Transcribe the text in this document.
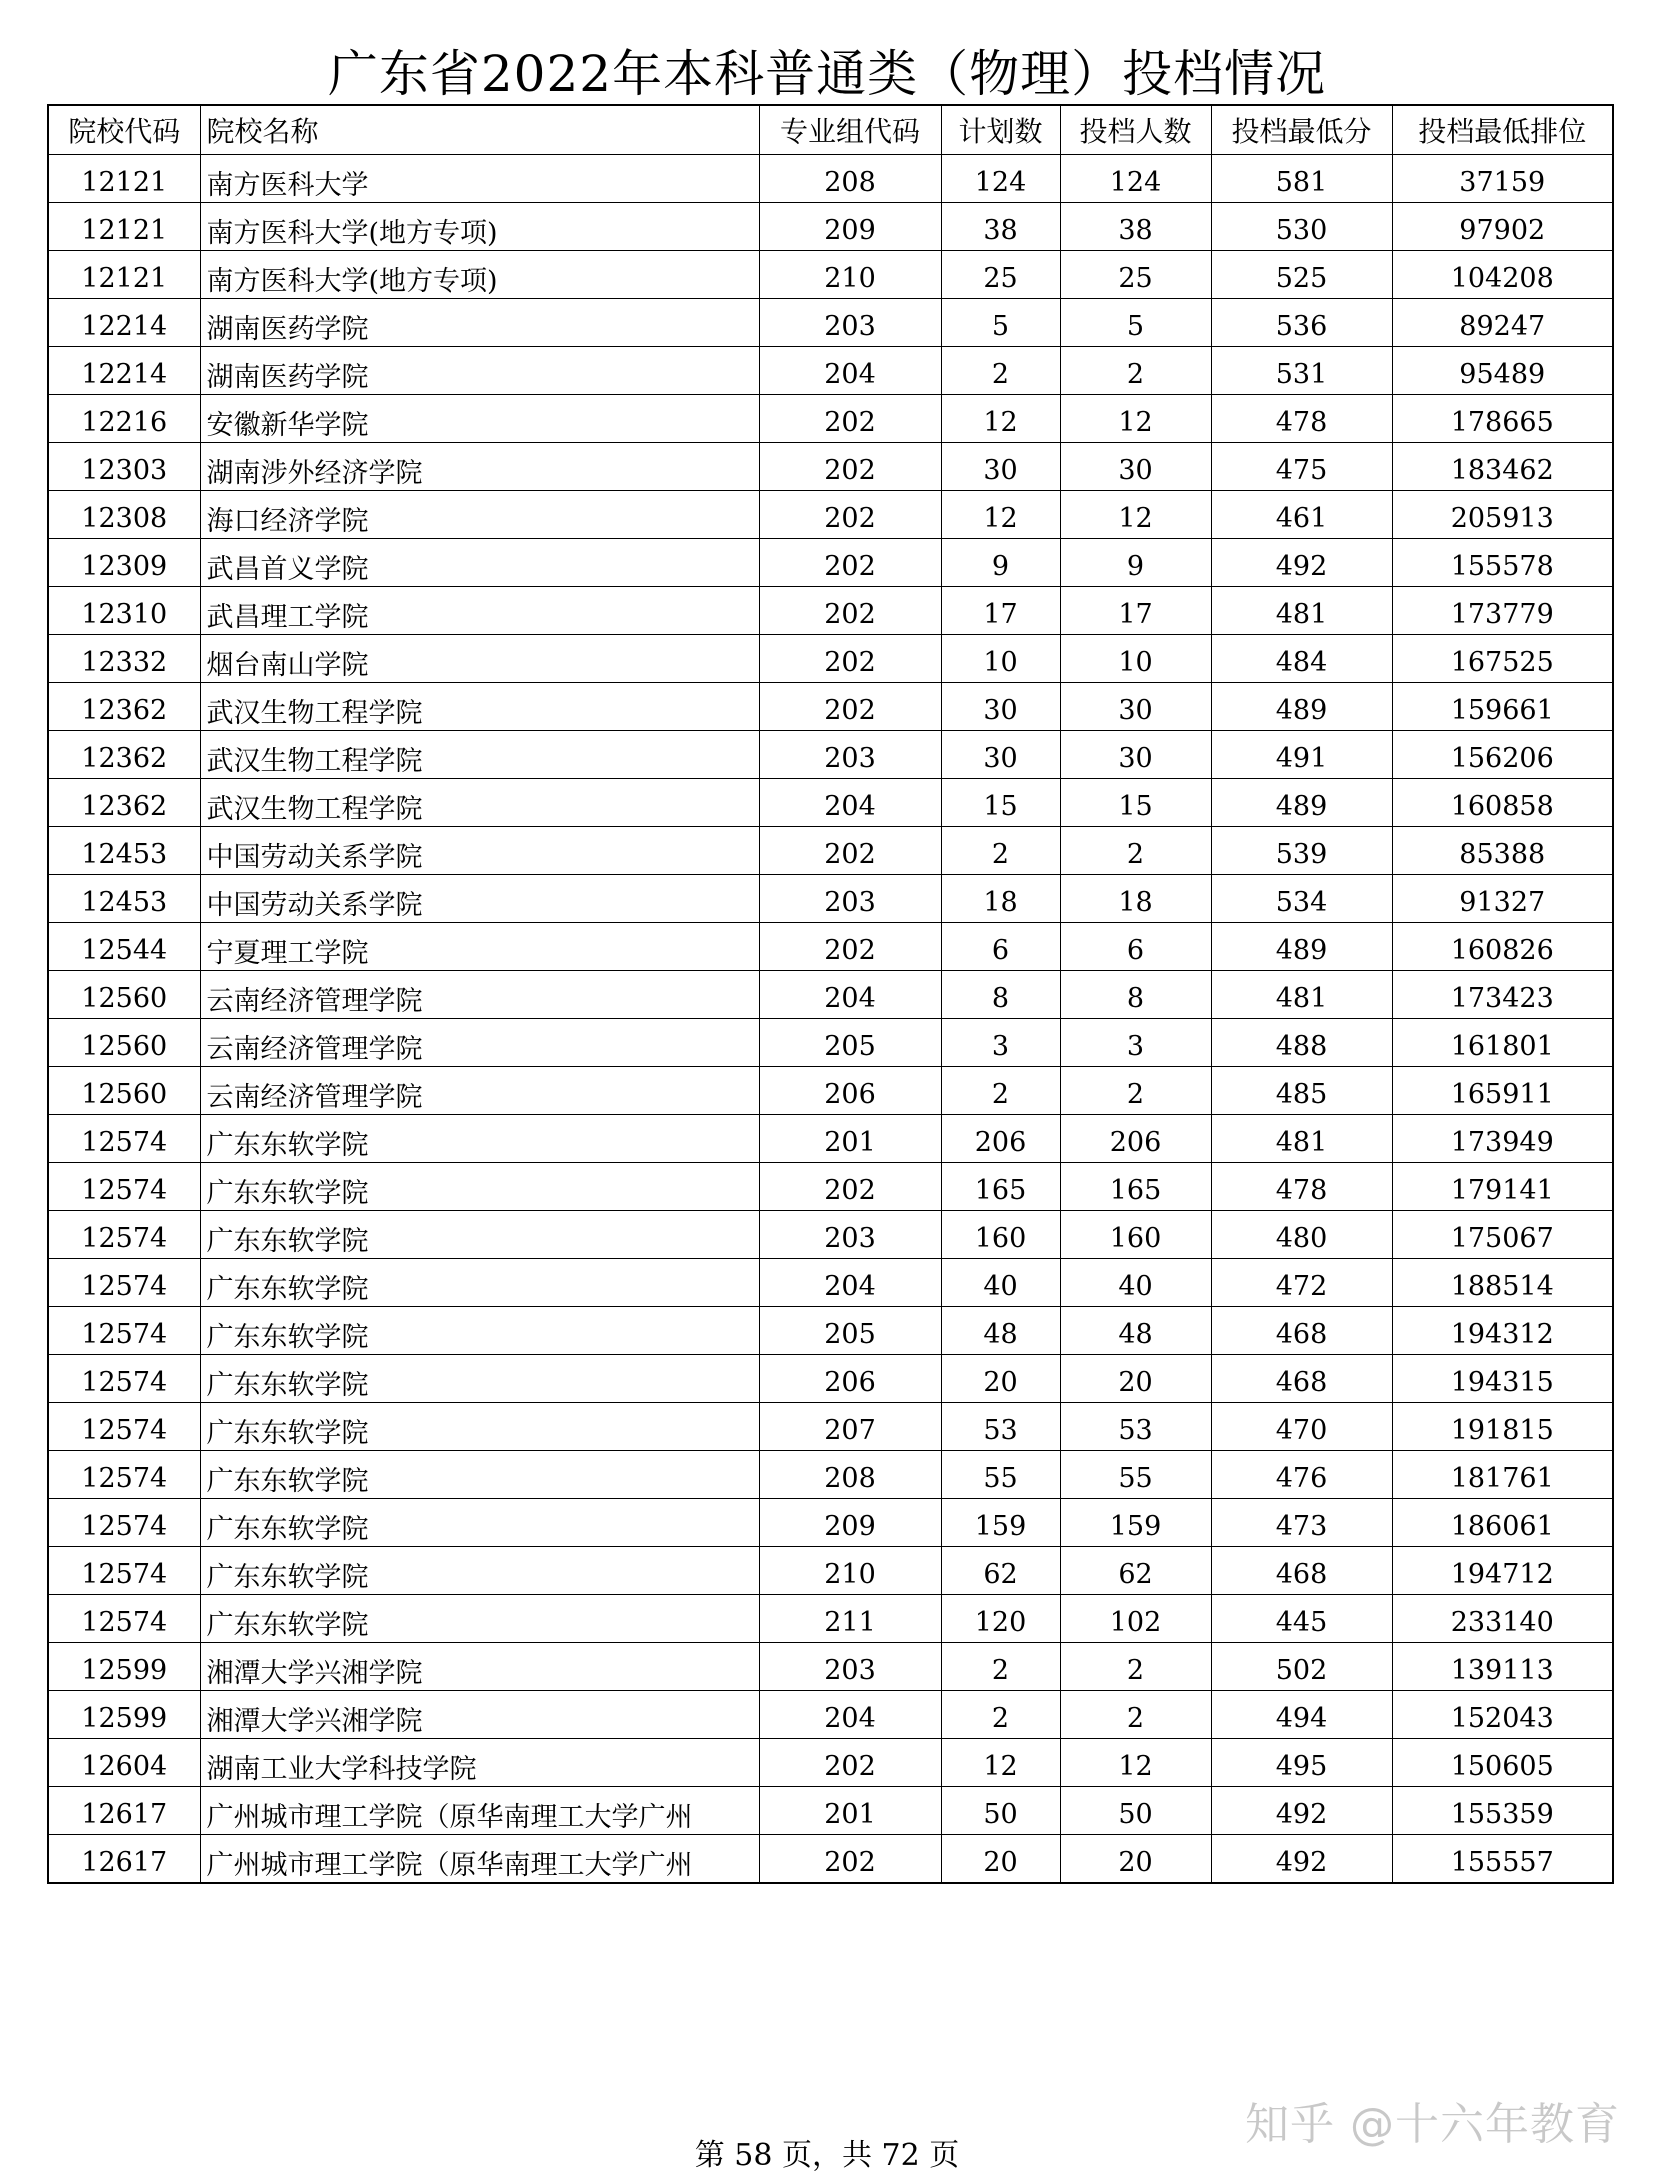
广东省2022年本科普通类（物理）投档情况
院校代码	院校名称	专业组代码	计划数	投档人数	投档最低分	投档最低排位
12121	南方医科大学	208	124	124	581	37159
12121	南方医科大学(地方专项)	209	38	38	530	97902
12121	南方医科大学(地方专项)	210	25	25	525	104208
12214	湖南医药学院	203	5	5	536	89247
12214	湖南医药学院	204	2	2	531	95489
12216	安徽新华学院	202	12	12	478	178665
12303	湖南涉外经济学院	202	30	30	475	183462
12308	海口经济学院	202	12	12	461	205913
12309	武昌首义学院	202	9	9	492	155578
12310	武昌理工学院	202	17	17	481	173779
12332	烟台南山学院	202	10	10	484	167525
12362	武汉生物工程学院	202	30	30	489	159661
12362	武汉生物工程学院	203	30	30	491	156206
12362	武汉生物工程学院	204	15	15	489	160858
12453	中国劳动关系学院	202	2	2	539	85388
12453	中国劳动关系学院	203	18	18	534	91327
12544	宁夏理工学院	202	6	6	489	160826
12560	云南经济管理学院	204	8	8	481	173423
12560	云南经济管理学院	205	3	3	488	161801
12560	云南经济管理学院	206	2	2	485	165911
12574	广东东软学院	201	206	206	481	173949
12574	广东东软学院	202	165	165	478	179141
12574	广东东软学院	203	160	160	480	175067
12574	广东东软学院	204	40	40	472	188514
12574	广东东软学院	205	48	48	468	194312
12574	广东东软学院	206	20	20	468	194315
12574	广东东软学院	207	53	53	470	191815
12574	广东东软学院	208	55	55	476	181761
12574	广东东软学院	209	159	159	473	186061
12574	广东东软学院	210	62	62	468	194712
12574	广东东软学院	211	120	102	445	233140
12599	湘潭大学兴湘学院	203	2	2	502	139113
12599	湘潭大学兴湘学院	204	2	2	494	152043
12604	湖南工业大学科技学院	202	12	12	495	150605
12617	广州城市理工学院（原华南理工大学广州	201	50	50	492	155359
12617	广州城市理工学院（原华南理工大学广州	202	20	20	492	155557
第 58 页，共 72 页
知乎 @十六年教育
